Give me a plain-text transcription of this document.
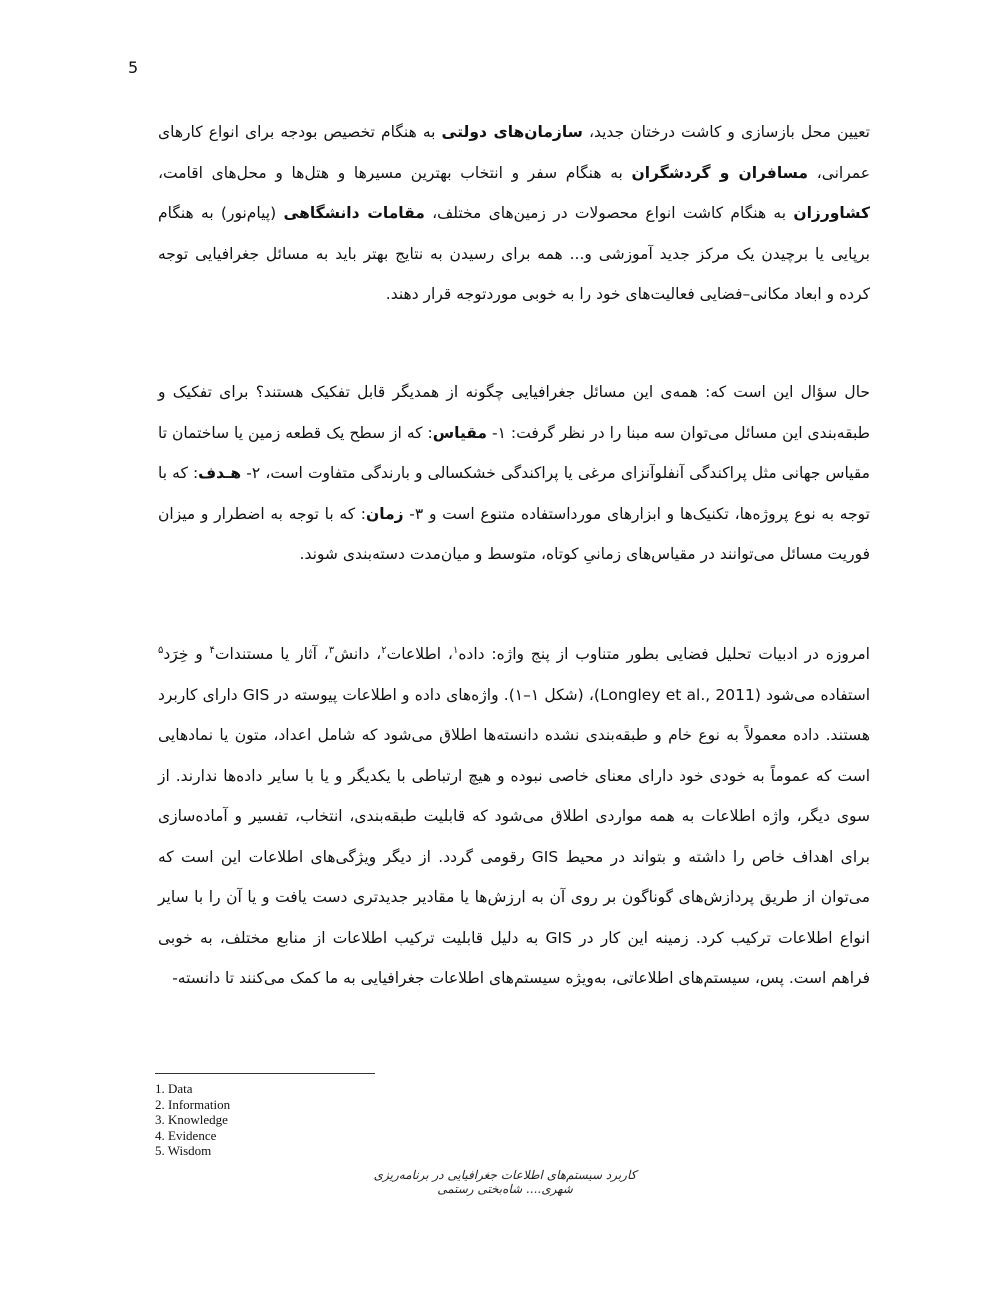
5

تعیین محل بازسازی و کاشت درختان جدید، سازمان‌های دولتی به هنگام تخصیص بودجه برای انواع کارهای عمرانی، مسافران و گردشگران به هنگام سفر و انتخاب بهترین مسیرها و هتل‌ها و محل‌های اقامت، کشاورزان به هنگام کاشت انواع محصولات در زمین‌های مختلف، مقامات دانشگاهی (پیام‌نور) به هنگام برپایی یا برچیدن یک مرکز جدید آموزشی و... همه برای رسیدن به نتایج بهتر باید به مسائل جغرافیایی توجه کرده و ابعاد مکانی–فضایی فعالیت‌های خود را به خوبی موردتوجه قرار دهند.

حال سؤال این است که: همه‌ی این مسائل جغرافیایی چگونه از همدیگر قابل تفکیک هستند؟ برای تفکیک و طبقه‌بندی این مسائل می‌توان سه مبنا را در نظر گرفت: ۱- مقیاس: که از سطح یک قطعه زمین یا ساختمان تا مقیاس جهانی مثل پراکندگی آنفلوآنزای مرغی یا پراکندگی خشکسالی و بارندگی متفاوت است، ۲- هـدف: که با توجه به نوع پروژه‌ها، تکنیک‌ها و ابزارهای مورداستفاده متنوع است و ۳- زمان: که با توجه به اضطرار و میزان فوریت مسائل می‌توانند در مقیاس‌های زمانیِ کوتاه، متوسط و میان‌مدت دسته‌بندی شوند.

امروزه در ادبیات تحلیل فضایی بطور متناوب از پنج واژه: داده$^۱$، اطلاعات$^۲$، دانش$^۳$، آثار یا مستندات$^۴$ و خِرَد$^۵$ استفاده می‌شود (Longley et al., 2011)، (شکل ۱–۱). واژه‌های داده و اطلاعات پیوسته در GIS دارای کاربرد هستند. داده معمولاً به نوع خام و طبقه‌بندی نشده دانسته‌ها اطلاق می‌شود که شامل اعداد، متون یا نمادهایی است که عموماً به خودی خود دارای معنای خاصی نبوده و هیچ ارتباطی با یکدیگر و یا با سایر داده‌ها ندارند. از سوی دیگر، واژه اطلاعات به همه مواردی اطلاق می‌شود که قابلیت طبقه‌بندی، انتخاب، تفسیر و آماده‌سازی برای اهداف خاص را داشته و بتواند در محیط GIS رقومی گردد. از دیگر ویژگی‌های اطلاعات این است که می‌توان از طریق پردازش‌های گوناگون بر روی آن به ارزش‌ها یا مقادیر جدیدتری دست یافت و یا آن را با سایر انواع اطلاعات ترکیب کرد. زمینه این کار در GIS به دلیل قابلیت ترکیب اطلاعات از منابع مختلف، به خوبی فراهم است. پس، سیستم‌های اطلاعاتی، به‌ویژه سیستم‌های اطلاعات جغرافیایی به ما کمک می‌کنند تا دانسته-

1. Data
2. Information
3. Knowledge
4. Evidence
5. Wisdom
کاربرد سیستم‌های اطلاعات جغرافیایی در برنامه‌ریزی شهری.... شاه‌بختی رستمی
